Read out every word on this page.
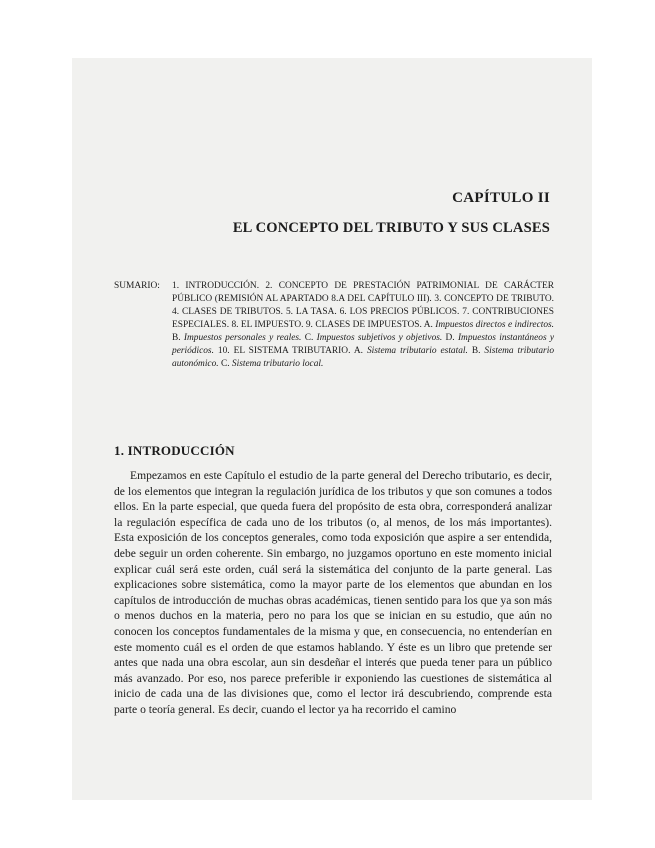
CAPÍTULO II
EL CONCEPTO DEL TRIBUTO Y SUS CLASES
SUMARIO: 1. INTRODUCCIÓN. 2. CONCEPTO DE PRESTACIÓN PATRIMONIAL DE CARÁCTER PÚBLICO (REMISIÓN AL APARTADO 8.A DEL CAPÍTULO III). 3. CONCEPTO DE TRIBUTO. 4. CLASES DE TRIBUTOS. 5. LA TASA. 6. LOS PRECIOS PÚBLICOS. 7. CONTRIBUCIONES ESPECIALES. 8. EL IMPUESTO. 9. CLASES DE IMPUESTOS. A. Impuestos directos e indirectos. B. Impuestos personales y reales. C. Impuestos subjetivos y objetivos. D. Impuestos instantáneos y periódicos. 10. EL SISTEMA TRIBUTARIO. A. Sistema tributario estatal. B. Sistema tributario autonómico. C. Sistema tributario local.
1. INTRODUCCIÓN

Empezamos en este Capítulo el estudio de la parte general del Derecho tributario, es decir, de los elementos que integran la regulación jurídica de los tributos y que son comunes a todos ellos. En la parte especial, que queda fuera del propósito de esta obra, corresponderá analizar la regulación específica de cada uno de los tributos (o, al menos, de los más importantes). Esta exposición de los conceptos generales, como toda exposición que aspire a ser entendida, debe seguir un orden coherente. Sin embargo, no juzgamos oportuno en este momento inicial explicar cuál será este orden, cuál será la sistemática del conjunto de la parte general. Las explicaciones sobre sistemática, como la mayor parte de los elementos que abundan en los capítulos de introducción de muchas obras académicas, tienen sentido para los que ya son más o menos duchos en la materia, pero no para los que se inician en su estudio, que aún no conocen los conceptos fundamentales de la misma y que, en consecuencia, no entenderían en este momento cuál es el orden de que estamos hablando. Y éste es un libro que pretende ser antes que nada una obra escolar, aun sin desdeñar el interés que pueda tener para un público más avanzado. Por eso, nos parece preferible ir exponiendo las cuestiones de sistemática al inicio de cada una de las divisiones que, como el lector irá descubriendo, comprende esta parte o teoría general. Es decir, cuando el lector ya ha recorrido el camino
